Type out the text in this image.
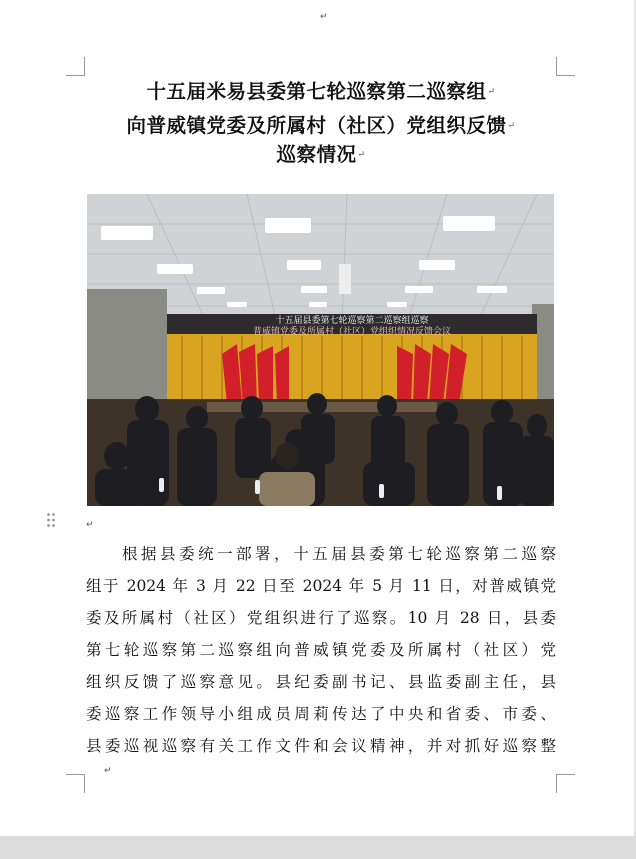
↵
十五届米易县委第七轮巡察第二巡察组↵
向普威镇党委及所属村（社区）党组织反馈↵
巡察情况↵
十五届县委第七轮巡察第二巡察组巡察
普威镇党委及所属村（社区）党组织情况反馈会议
↵
根据县委统一部署，十五届县委第七轮巡察第二巡察
组于 2024 年 3 月 22 日至 2024 年 5 月 11 日，对普威镇党
委及所属村（社区）党组织进行了巡察。10 月 28 日，县委
第七轮巡察第二巡察组向普威镇党委及所属村（社区）党
组织反馈了巡察意见。县纪委副书记、县监委副主任，县
委巡察工作领导小组成员周莉传达了中央和省委、市委、
县委巡视巡察有关工作文件和会议精神，并对抓好巡察整
↵
